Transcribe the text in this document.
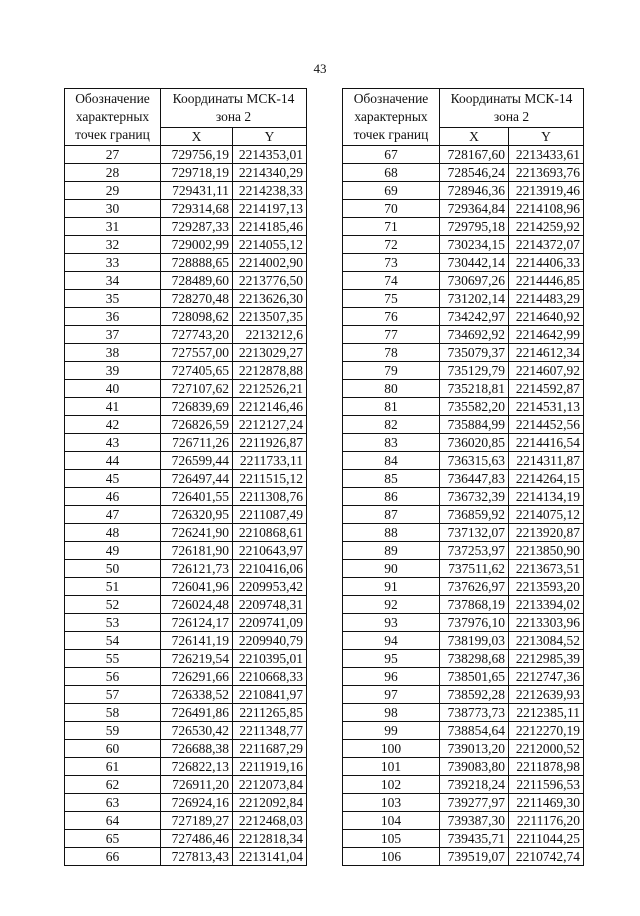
43
Обозначение характерных точек границ	Координаты МСК-14 зона 2	
	X	Y
27	729756,19	2214353,01
28	729718,19	2214340,29
29	729431,11	2214238,33
30	729314,68	2214197,13
31	729287,33	2214185,46
32	729002,99	2214055,12
33	728888,65	2214002,90
34	728489,60	2213776,50
35	728270,48	2213626,30
36	728098,62	2213507,35
37	727743,20	2213212,6
38	727557,00	2213029,27
39	727405,65	2212878,88
40	727107,62	2212526,21
41	726839,69	2212146,46
42	726826,59	2212127,24
43	726711,26	2211926,87
44	726599,44	2211733,11
45	726497,44	2211515,12
46	726401,55	2211308,76
47	726320,95	2211087,49
48	726241,90	2210868,61
49	726181,90	2210643,97
50	726121,73	2210416,06
51	726041,96	2209953,42
52	726024,48	2209748,31
53	726124,17	2209741,09
54	726141,19	2209940,79
55	726219,54	2210395,01
56	726291,66	2210668,33
57	726338,52	2210841,97
58	726491,86	2211265,85
59	726530,42	2211348,77
60	726688,38	2211687,29
61	726822,13	2211919,16
62	726911,20	2212073,84
63	726924,16	2212092,84
64	727189,27	2212468,03
65	727486,46	2212818,34
66	727813,43	2213141,04
Обозначение характерных точек границ	Координаты МСК-14 зона 2	
	X	Y
67	728167,60	2213433,61
68	728546,24	2213693,76
69	728946,36	2213919,46
70	729364,84	2214108,96
71	729795,18	2214259,92
72	730234,15	2214372,07
73	730442,14	2214406,33
74	730697,26	2214446,85
75	731202,14	2214483,29
76	734242,97	2214640,92
77	734692,92	2214642,99
78	735079,37	2214612,34
79	735129,79	2214607,92
80	735218,81	2214592,87
81	735582,20	2214531,13
82	735884,99	2214452,56
83	736020,85	2214416,54
84	736315,63	2214311,87
85	736447,83	2214264,15
86	736732,39	2214134,19
87	736859,92	2214075,12
88	737132,07	2213920,87
89	737253,97	2213850,90
90	737511,62	2213673,51
91	737626,97	2213593,20
92	737868,19	2213394,02
93	737976,10	2213303,96
94	738199,03	2213084,52
95	738298,68	2212985,39
96	738501,65	2212747,36
97	738592,28	2212639,93
98	738773,73	2212385,11
99	738854,64	2212270,19
100	739013,20	2212000,52
101	739083,80	2211878,98
102	739218,24	2211596,53
103	739277,97	2211469,30
104	739387,30	2211176,20
105	739435,71	2211044,25
106	739519,07	2210742,74
